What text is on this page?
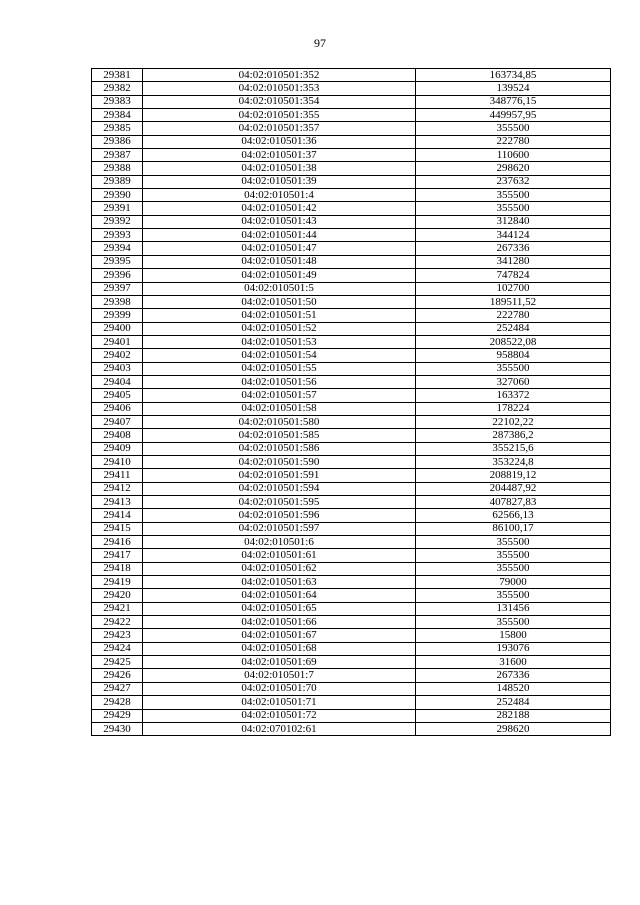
97
29381	04:02:010501:352	163734,85
29382	04:02:010501:353	139524
29383	04:02:010501:354	348776,15
29384	04:02:010501:355	449957,95
29385	04:02:010501:357	355500
29386	04:02:010501:36	222780
29387	04:02:010501:37	110600
29388	04:02:010501:38	298620
29389	04:02:010501:39	237632
29390	04:02:010501:4	355500
29391	04:02:010501:42	355500
29392	04:02:010501:43	312840
29393	04:02:010501:44	344124
29394	04:02:010501:47	267336
29395	04:02:010501:48	341280
29396	04:02:010501:49	747824
29397	04:02:010501:5	102700
29398	04:02:010501:50	189511,52
29399	04:02:010501:51	222780
29400	04:02:010501:52	252484
29401	04:02:010501:53	208522,08
29402	04:02:010501:54	958804
29403	04:02:010501:55	355500
29404	04:02:010501:56	327060
29405	04:02:010501:57	163372
29406	04:02:010501:58	178224
29407	04:02:010501:580	22102,22
29408	04:02:010501:585	287386,2
29409	04:02:010501:586	355215,6
29410	04:02:010501:590	353224,8
29411	04:02:010501:591	208819,12
29412	04:02:010501:594	204487,92
29413	04:02:010501:595	407827,83
29414	04:02:010501:596	62566,13
29415	04:02:010501:597	86100,17
29416	04:02:010501:6	355500
29417	04:02:010501:61	355500
29418	04:02:010501:62	355500
29419	04:02:010501:63	79000
29420	04:02:010501:64	355500
29421	04:02:010501:65	131456
29422	04:02:010501:66	355500
29423	04:02:010501:67	15800
29424	04:02:010501:68	193076
29425	04:02:010501:69	31600
29426	04:02:010501:7	267336
29427	04:02:010501:70	148520
29428	04:02:010501:71	252484
29429	04:02:010501:72	282188
29430	04:02:070102:61	298620
